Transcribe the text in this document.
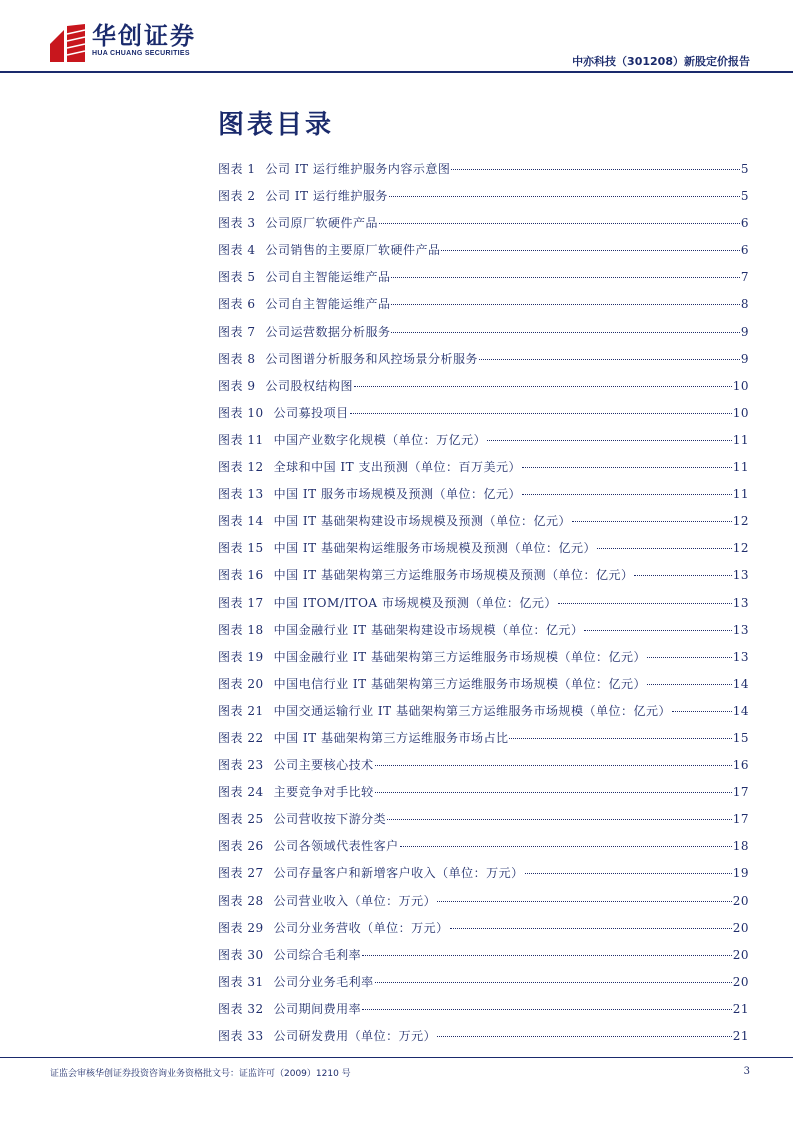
华创证券
HUA CHUANG SECURITIES
中亦科技（301208）新股定价报告
图表目录
图表 1 公司 IT 运行维护服务内容示意图	5
图表 2 公司 IT 运行维护服务	5
图表 3 公司原厂软硬件产品	6
图表 4 公司销售的主要原厂软硬件产品	6
图表 5 公司自主智能运维产品	7
图表 6 公司自主智能运维产品	8
图表 7 公司运营数据分析服务	9
图表 8 公司图谱分析服务和风控场景分析服务	9
图表 9 公司股权结构图	10
图表 10 公司募投项目	10
图表 11 中国产业数字化规模（单位：万亿元）	11
图表 12 全球和中国 IT 支出预测（单位：百万美元）	11
图表 13 中国 IT 服务市场规模及预测（单位：亿元）	11
图表 14 中国 IT 基础架构建设市场规模及预测（单位：亿元）	12
图表 15 中国 IT 基础架构运维服务市场规模及预测（单位：亿元）	12
图表 16 中国 IT 基础架构第三方运维服务市场规模及预测（单位：亿元）	13
图表 17 中国 ITOM/ITOA 市场规模及预测（单位：亿元）	13
图表 18 中国金融行业 IT 基础架构建设市场规模（单位：亿元）	13
图表 19 中国金融行业 IT 基础架构第三方运维服务市场规模（单位：亿元）	13
图表 20 中国电信行业 IT 基础架构第三方运维服务市场规模（单位：亿元）	14
图表 21 中国交通运输行业 IT 基础架构第三方运维服务市场规模（单位：亿元）	14
图表 22 中国 IT 基础架构第三方运维服务市场占比	15
图表 23 公司主要核心技术	16
图表 24 主要竞争对手比较	17
图表 25 公司营收按下游分类	17
图表 26 公司各领域代表性客户	18
图表 27 公司存量客户和新增客户收入（单位：万元）	19
图表 28 公司营业收入（单位：万元）	20
图表 29 公司分业务营收（单位：万元）	20
图表 30 公司综合毛利率	20
图表 31 公司分业务毛利率	20
图表 32 公司期间费用率	21
图表 33 公司研发费用（单位：万元）	21
证监会审核华创证券投资咨询业务资格批文号：证监许可（2009）1210 号	3
